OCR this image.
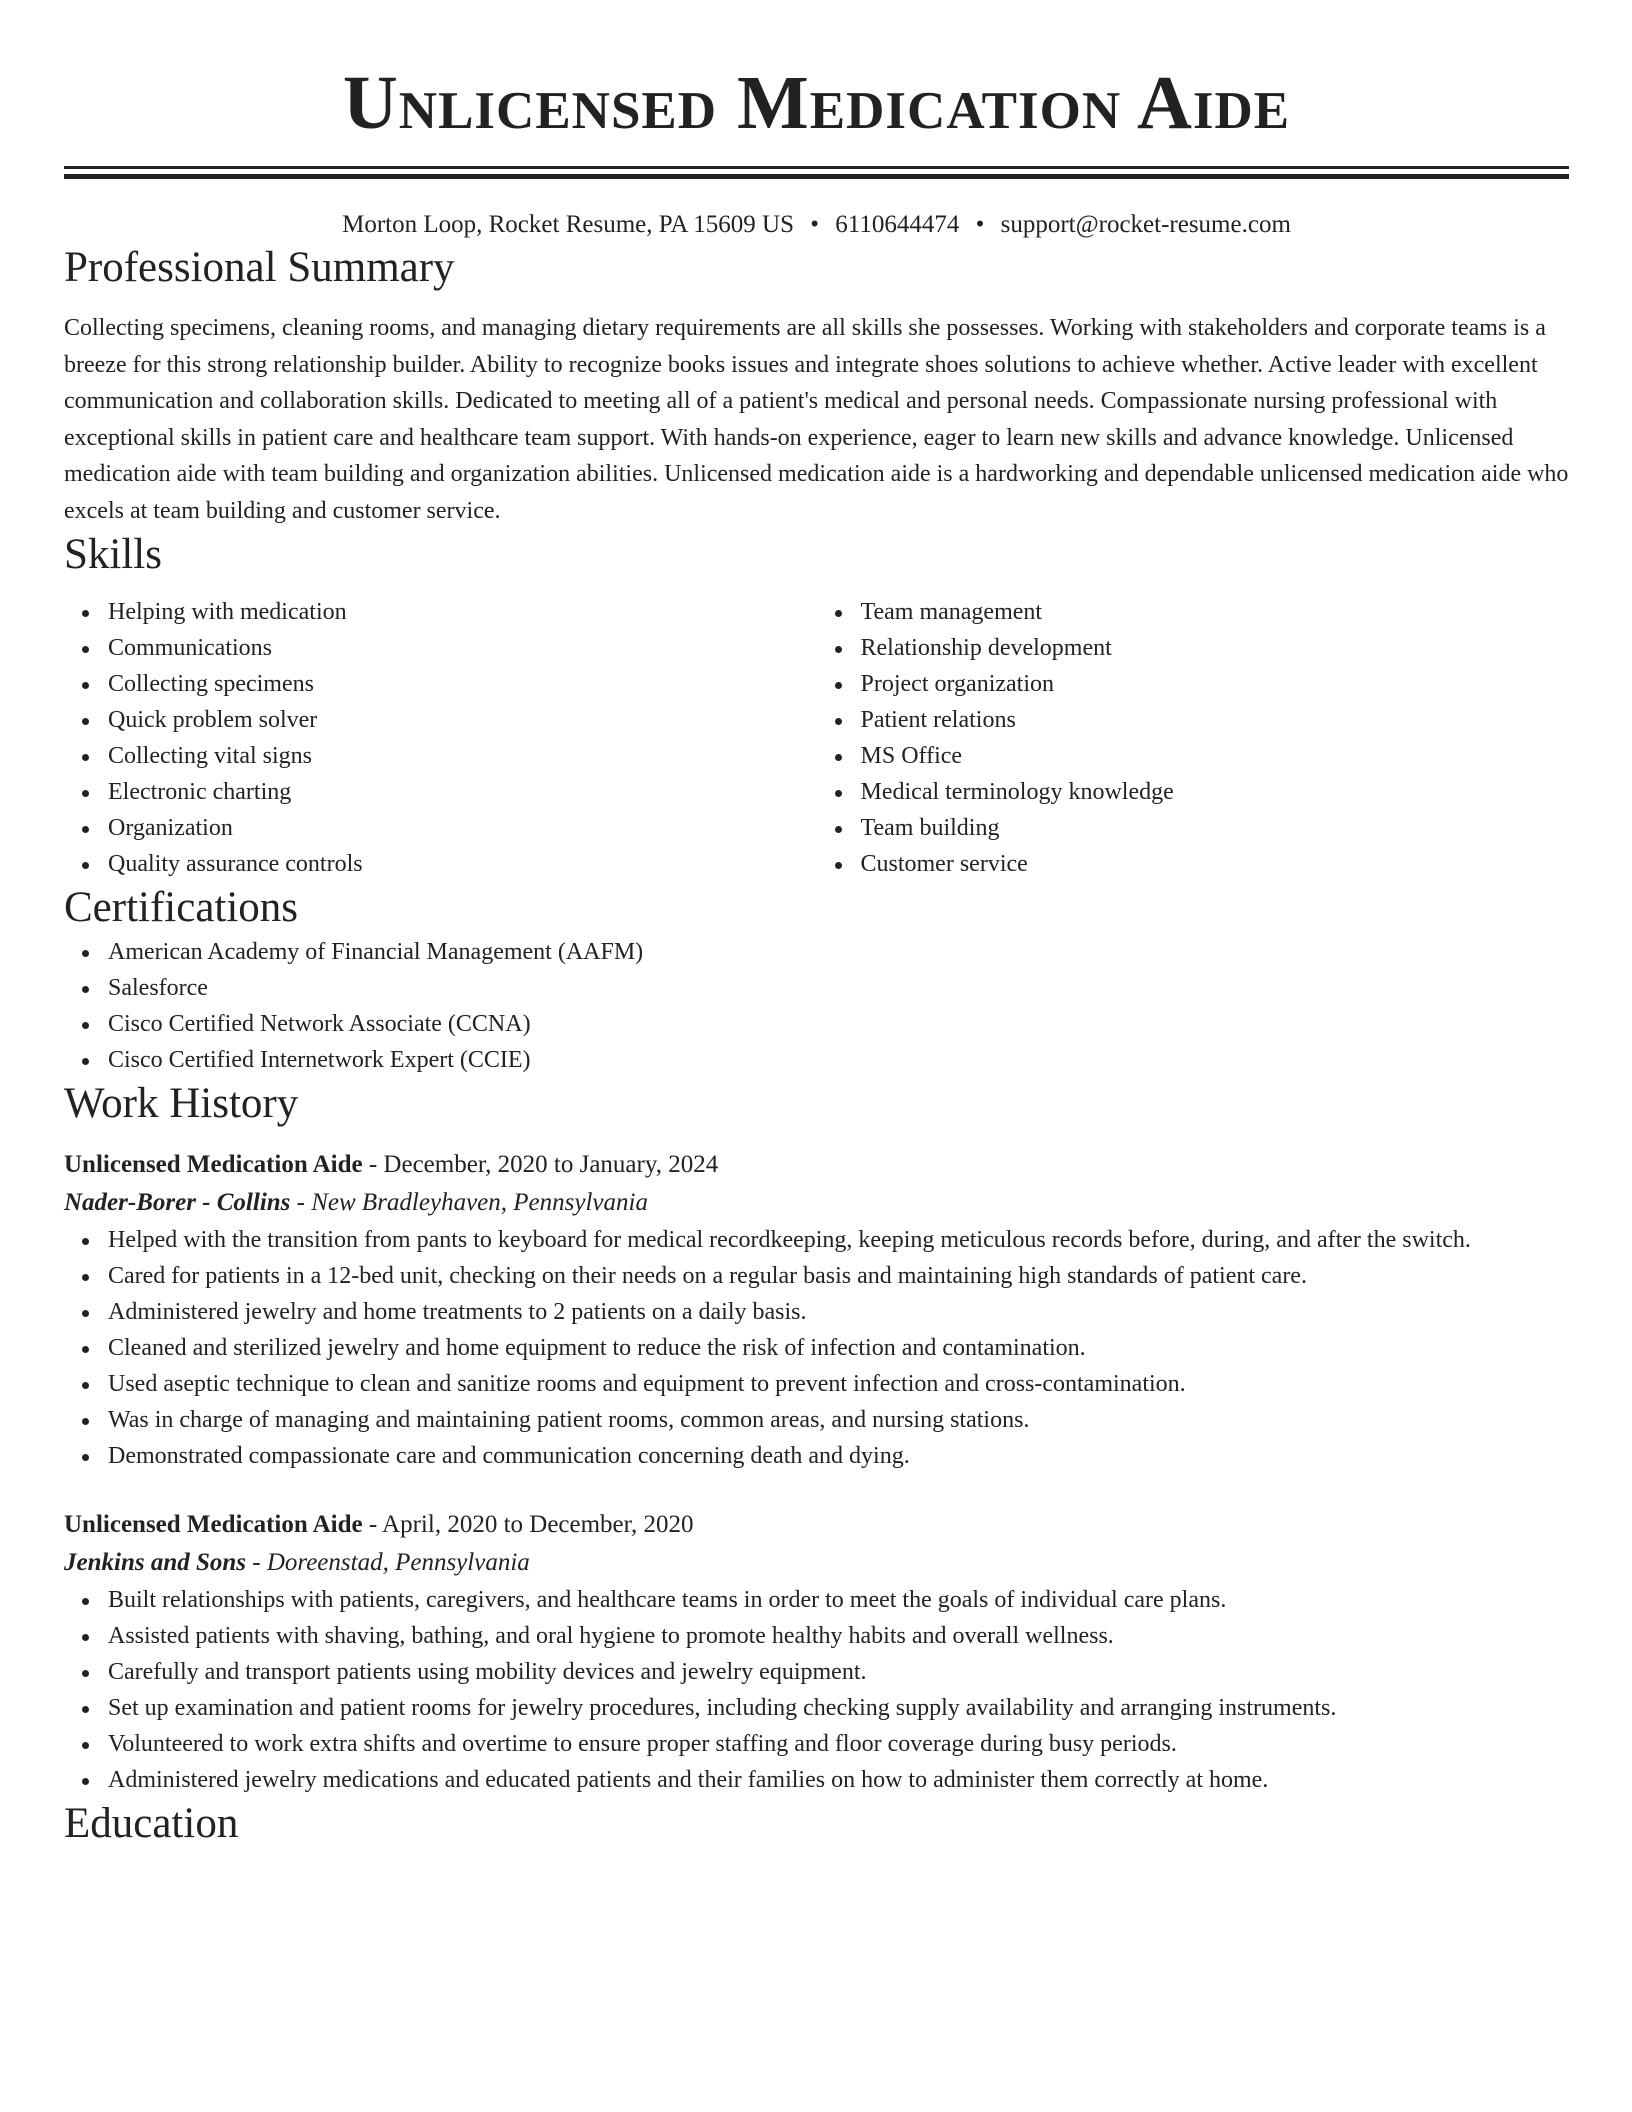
Unlicensed Medication Aide
Morton Loop, Rocket Resume, PA 15609 US • 6110644474 • support@rocket-resume.com
Professional Summary

Collecting specimens, cleaning rooms, and managing dietary requirements are all skills she possesses. Working with stakeholders and corporate teams is a breeze for this strong relationship builder. Ability to recognize books issues and integrate shoes solutions to achieve whether. Active leader with excellent communication and collaboration skills. Dedicated to meeting all of a patient's medical and personal needs. Compassionate nursing professional with exceptional skills in patient care and healthcare team support. With hands-on experience, eager to learn new skills and advance knowledge. Unlicensed medication aide with team building and organization abilities. Unlicensed medication aide is a hardworking and dependable unlicensed medication aide who excels at team building and customer service.

Skills
Helping with medication
Communications
Collecting specimens
Quick problem solver
Collecting vital signs
Electronic charting
Organization
Quality assurance controls
Team management
Relationship development
Project organization
Patient relations
MS Office
Medical terminology knowledge
Team building
Customer service
Certifications
American Academy of Financial Management (AAFM)
Salesforce
Cisco Certified Network Associate (CCNA)
Cisco Certified Internetwork Expert (CCIE)
Work History
Unlicensed Medication Aide - December, 2020 to January, 2024
Nader-Borer - Collins - New Bradleyhaven, Pennsylvania
Helped with the transition from pants to keyboard for medical recordkeeping, keeping meticulous records before, during, and after the switch.
Cared for patients in a 12-bed unit, checking on their needs on a regular basis and maintaining high standards of patient care.
Administered jewelry and home treatments to 2 patients on a daily basis.
Cleaned and sterilized jewelry and home equipment to reduce the risk of infection and contamination.
Used aseptic technique to clean and sanitize rooms and equipment to prevent infection and cross-contamination.
Was in charge of managing and maintaining patient rooms, common areas, and nursing stations.
Demonstrated compassionate care and communication concerning death and dying.
Unlicensed Medication Aide - April, 2020 to December, 2020
Jenkins and Sons - Doreenstad, Pennsylvania
Built relationships with patients, caregivers, and healthcare teams in order to meet the goals of individual care plans.
Assisted patients with shaving, bathing, and oral hygiene to promote healthy habits and overall wellness.
Carefully and transport patients using mobility devices and jewelry equipment.
Set up examination and patient rooms for jewelry procedures, including checking supply availability and arranging instruments.
Volunteered to work extra shifts and overtime to ensure proper staffing and floor coverage during busy periods.
Administered jewelry medications and educated patients and their families on how to administer them correctly at home.
Education
